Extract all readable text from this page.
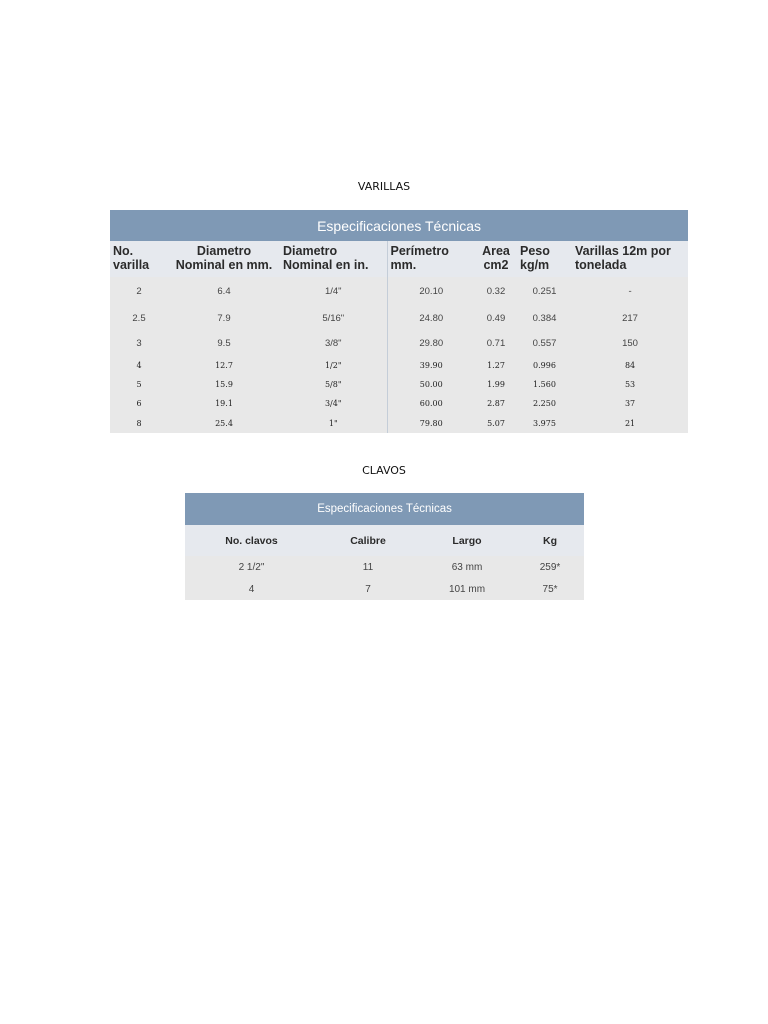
VARILLAS
Especificaciones Técnicas						
No. varilla	Diametro Nominal en mm.	Diametro Nominal en in.	Perímetro mm.	Area cm2	Peso kg/m	Varillas 12m por tonelada
2	6.4	1/4"	20.10	0.32	0.251	-
2.5	7.9	5/16"	24.80	0.49	0.384	217
3	9.5	3/8"	29.80	0.71	0.557	150
4	12.7	1/2"	39.90	1.27	0.996	84
5	15.9	5/8"	50.00	1.99	1.560	53
6	19.1	3/4"	60.00	2.87	2.250	37
8	25.4	1"	79.80	5.07	3.975	21
CLAVOS
Especificaciones Técnicas			
No. clavos	Calibre	Largo	Kg
2 1/2"	11	63 mm	259*
4	7	101 mm	75*
